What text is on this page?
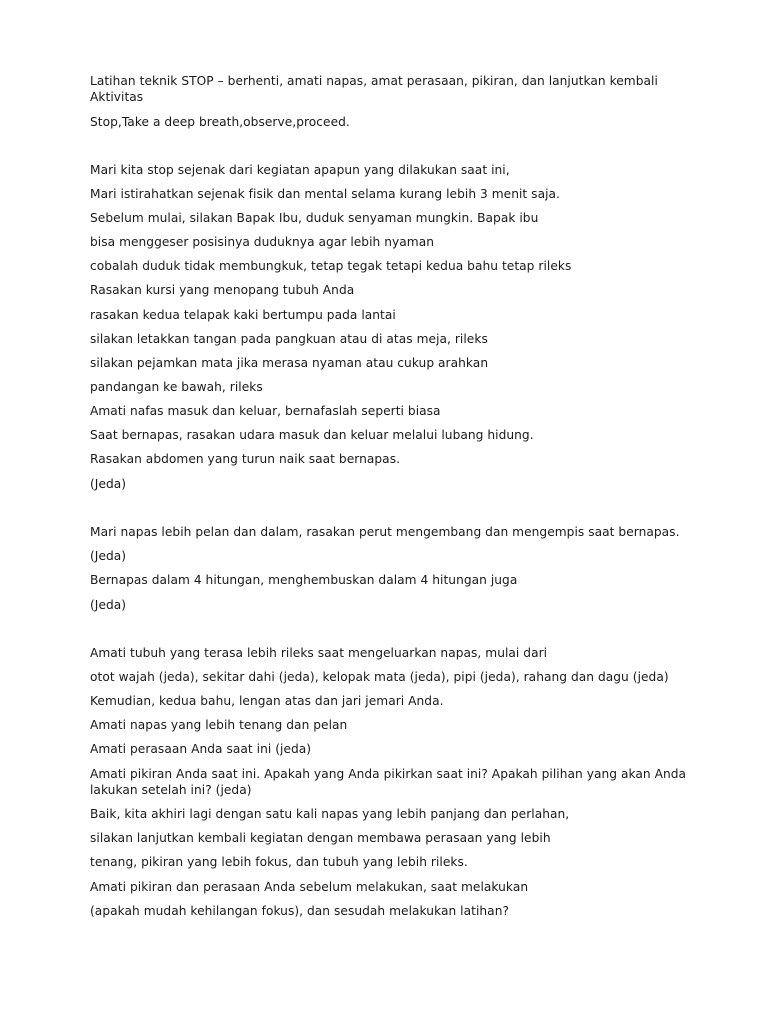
Latihan teknik STOP – berhenti, amati napas, amat perasaan, pikiran, dan lanjutkan kembali
Aktivitas
Stop,Take a deep breath,observe,proceed.
Mari kita stop sejenak dari kegiatan apapun yang dilakukan saat ini,
Mari istirahatkan sejenak fisik dan mental selama kurang lebih 3 menit saja.
Sebelum mulai, silakan Bapak Ibu, duduk senyaman mungkin. Bapak ibu
bisa menggeser posisinya duduknya agar lebih nyaman
cobalah duduk tidak membungkuk, tetap tegak tetapi kedua bahu tetap rileks
Rasakan kursi yang menopang tubuh Anda
rasakan kedua telapak kaki bertumpu pada lantai
silakan letakkan tangan pada pangkuan atau di atas meja, rileks
silakan pejamkan mata jika merasa nyaman atau cukup arahkan
pandangan ke bawah, rileks
Amati nafas masuk dan keluar, bernafaslah seperti biasa
Saat bernapas, rasakan udara masuk dan keluar melalui lubang hidung.
Rasakan abdomen yang turun naik saat bernapas.
(Jeda)
Mari napas lebih pelan dan dalam, rasakan perut mengembang dan mengempis saat bernapas.
(Jeda)
Bernapas dalam 4 hitungan, menghembuskan dalam 4 hitungan juga
(Jeda)
Amati tubuh yang terasa lebih rileks saat mengeluarkan napas, mulai dari
otot wajah (jeda), sekitar dahi (jeda), kelopak mata (jeda), pipi (jeda), rahang dan dagu (jeda)
Kemudian, kedua bahu, lengan atas dan jari jemari Anda.
Amati napas yang lebih tenang dan pelan
Amati perasaan Anda saat ini (jeda)
Amati pikiran Anda saat ini. Apakah yang Anda pikirkan saat ini? Apakah pilihan yang akan Anda
lakukan setelah ini? (jeda)
Baik, kita akhiri lagi dengan satu kali napas yang lebih panjang dan perlahan,
silakan lanjutkan kembali kegiatan dengan membawa perasaan yang lebih
tenang, pikiran yang lebih fokus, dan tubuh yang lebih rileks.
Amati pikiran dan perasaan Anda sebelum melakukan, saat melakukan
(apakah mudah kehilangan fokus), dan sesudah melakukan latihan?
